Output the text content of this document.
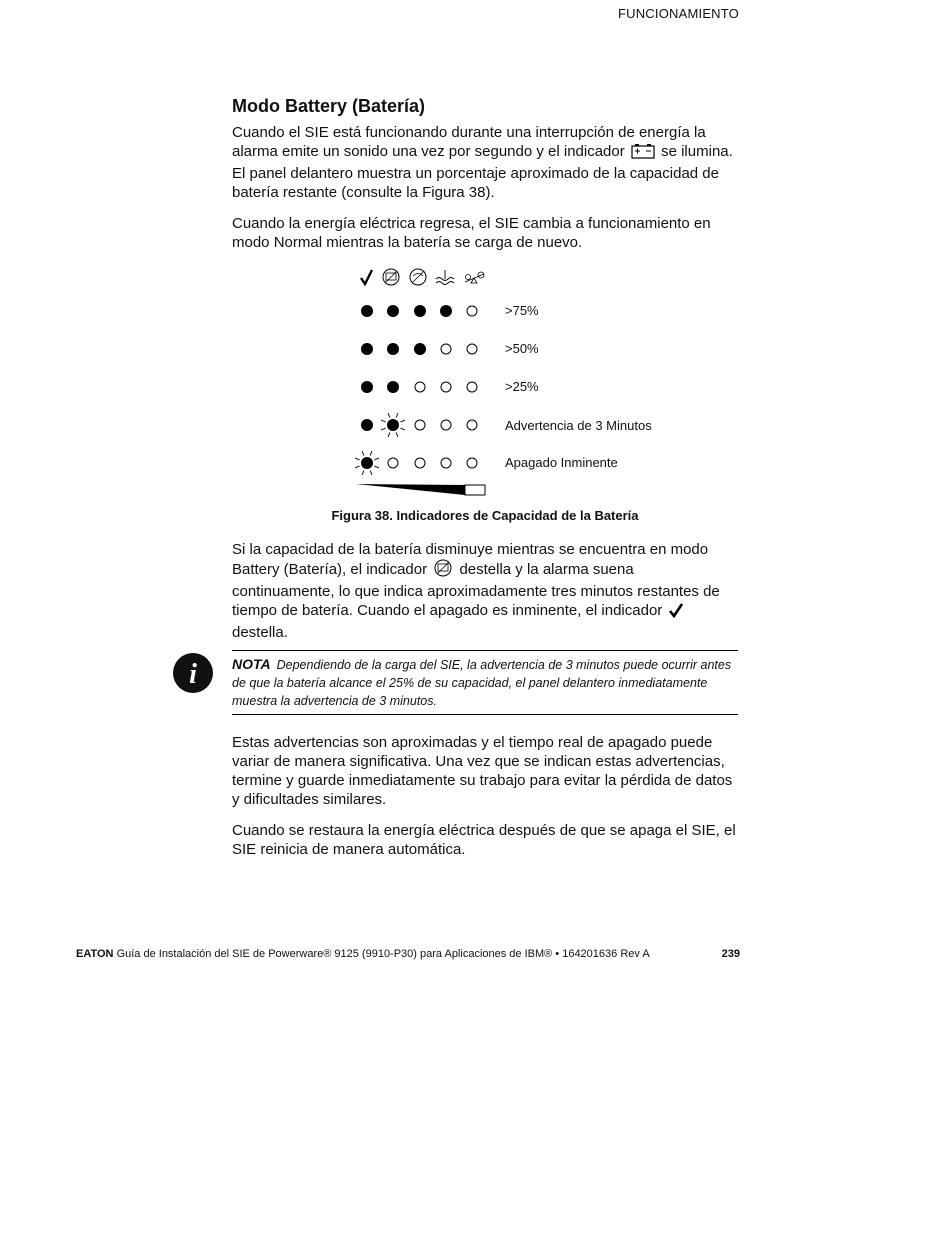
FUNCIONAMIENTO
Modo Battery (Batería)

Cuando el SIE está funcionando durante una interrupción de energía la alarma emite un sonido una vez por segundo y el indicador se ilumina. El panel delantero muestra un porcentaje aproximado de la capacidad de batería restante (consulte la Figura 38).

Cuando la energía eléctrica regresa, el SIE cambia a funcionamiento en modo Normal mientras la batería se carga de nuevo.

>75%
>50%
>25%
Advertencia de 3 Minutos
Apagado Inminente
Figura 38. Indicadores de Capacidad de la Batería

Si la capacidad de la batería disminuye mientras se encuentra en modo Battery (Batería), el indicador destella y la alarma suena continuamente, lo que indica aproximadamente tres minutos restantes de tiempo de batería. Cuando el apagado es inminente, el indicador  destella.

i	NOTA Dependiendo de la carga del SIE, la advertencia de 3 minutos puede ocurrir antes de que la batería alcance el 25% de su capacidad, el panel delantero inmediatamente muestra la advertencia de 3 minutos.

Estas advertencias son aproximadas y el tiempo real de apagado puede variar de manera significativa. Una vez que se indican estas advertencias, termine y guarde inmediatamente su trabajo para evitar la pérdida de datos y dificultades similares.

Cuando se restaura la energía eléctrica después de que se apaga el SIE, el SIE reinicia de manera automática.

EATON Guía de Instalación del SIE de Powerware® 9125 (9910-P30) para Aplicaciones de IBM® • 164201636 Rev A	239
